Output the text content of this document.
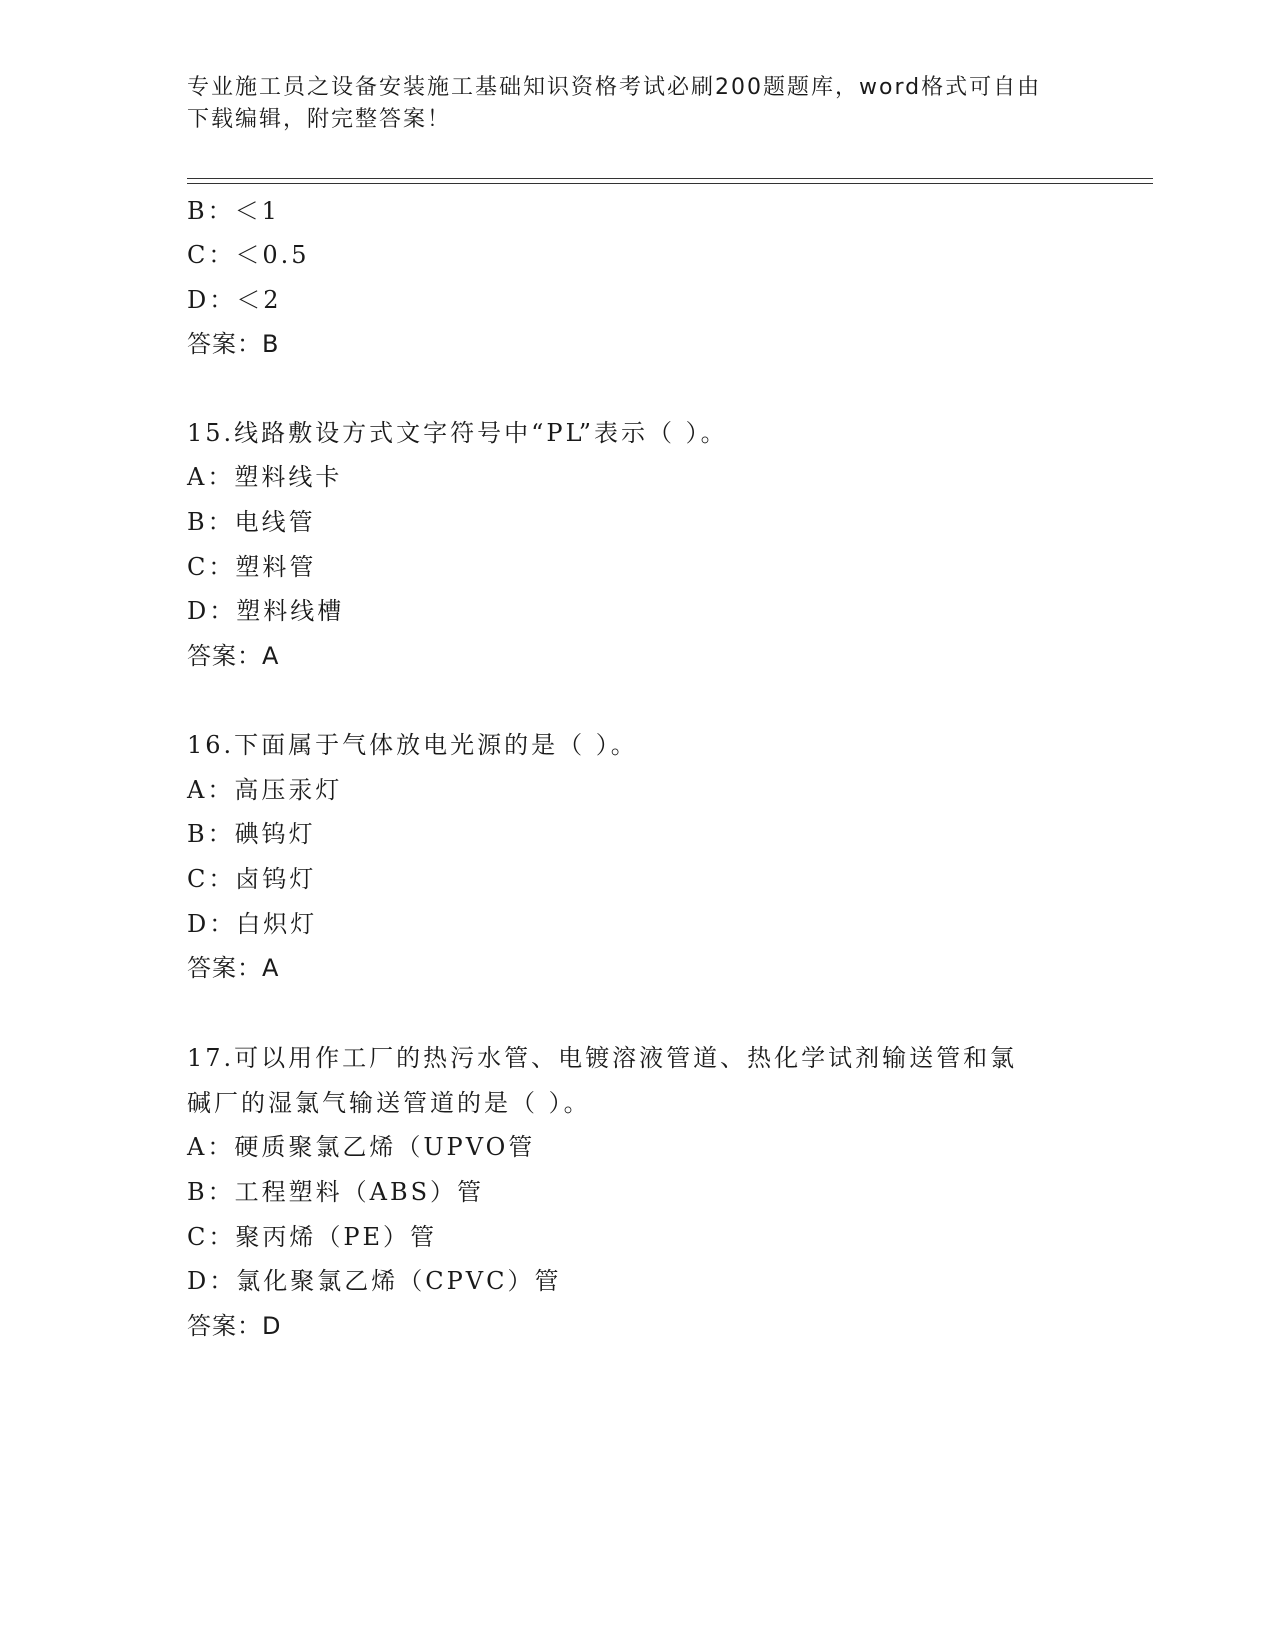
专业施工员之设备安装施工基础知识资格考试必刷200题题库，word格式可自由
下载编辑，附完整答案！
B：＜1
C：＜0.5
D：＜2
答案：B
15.线路敷设方式文字符号中“PL”表示（ ）。
A：塑料线卡
B：电线管
C：塑料管
D：塑料线槽
答案：A
16.下面属于气体放电光源的是（ ）。
A：高压汞灯
B：碘钨灯
C：卤钨灯
D：白炽灯
答案：A
17.可以用作工厂的热污水管、电镀溶液管道、热化学试剂输送管和氯
碱厂的湿氯气输送管道的是（ ）。
A：硬质聚氯乙烯（UPVO管
B：工程塑料（ABS）管
C：聚丙烯（PE）管
D：氯化聚氯乙烯（CPVC）管
答案：D
